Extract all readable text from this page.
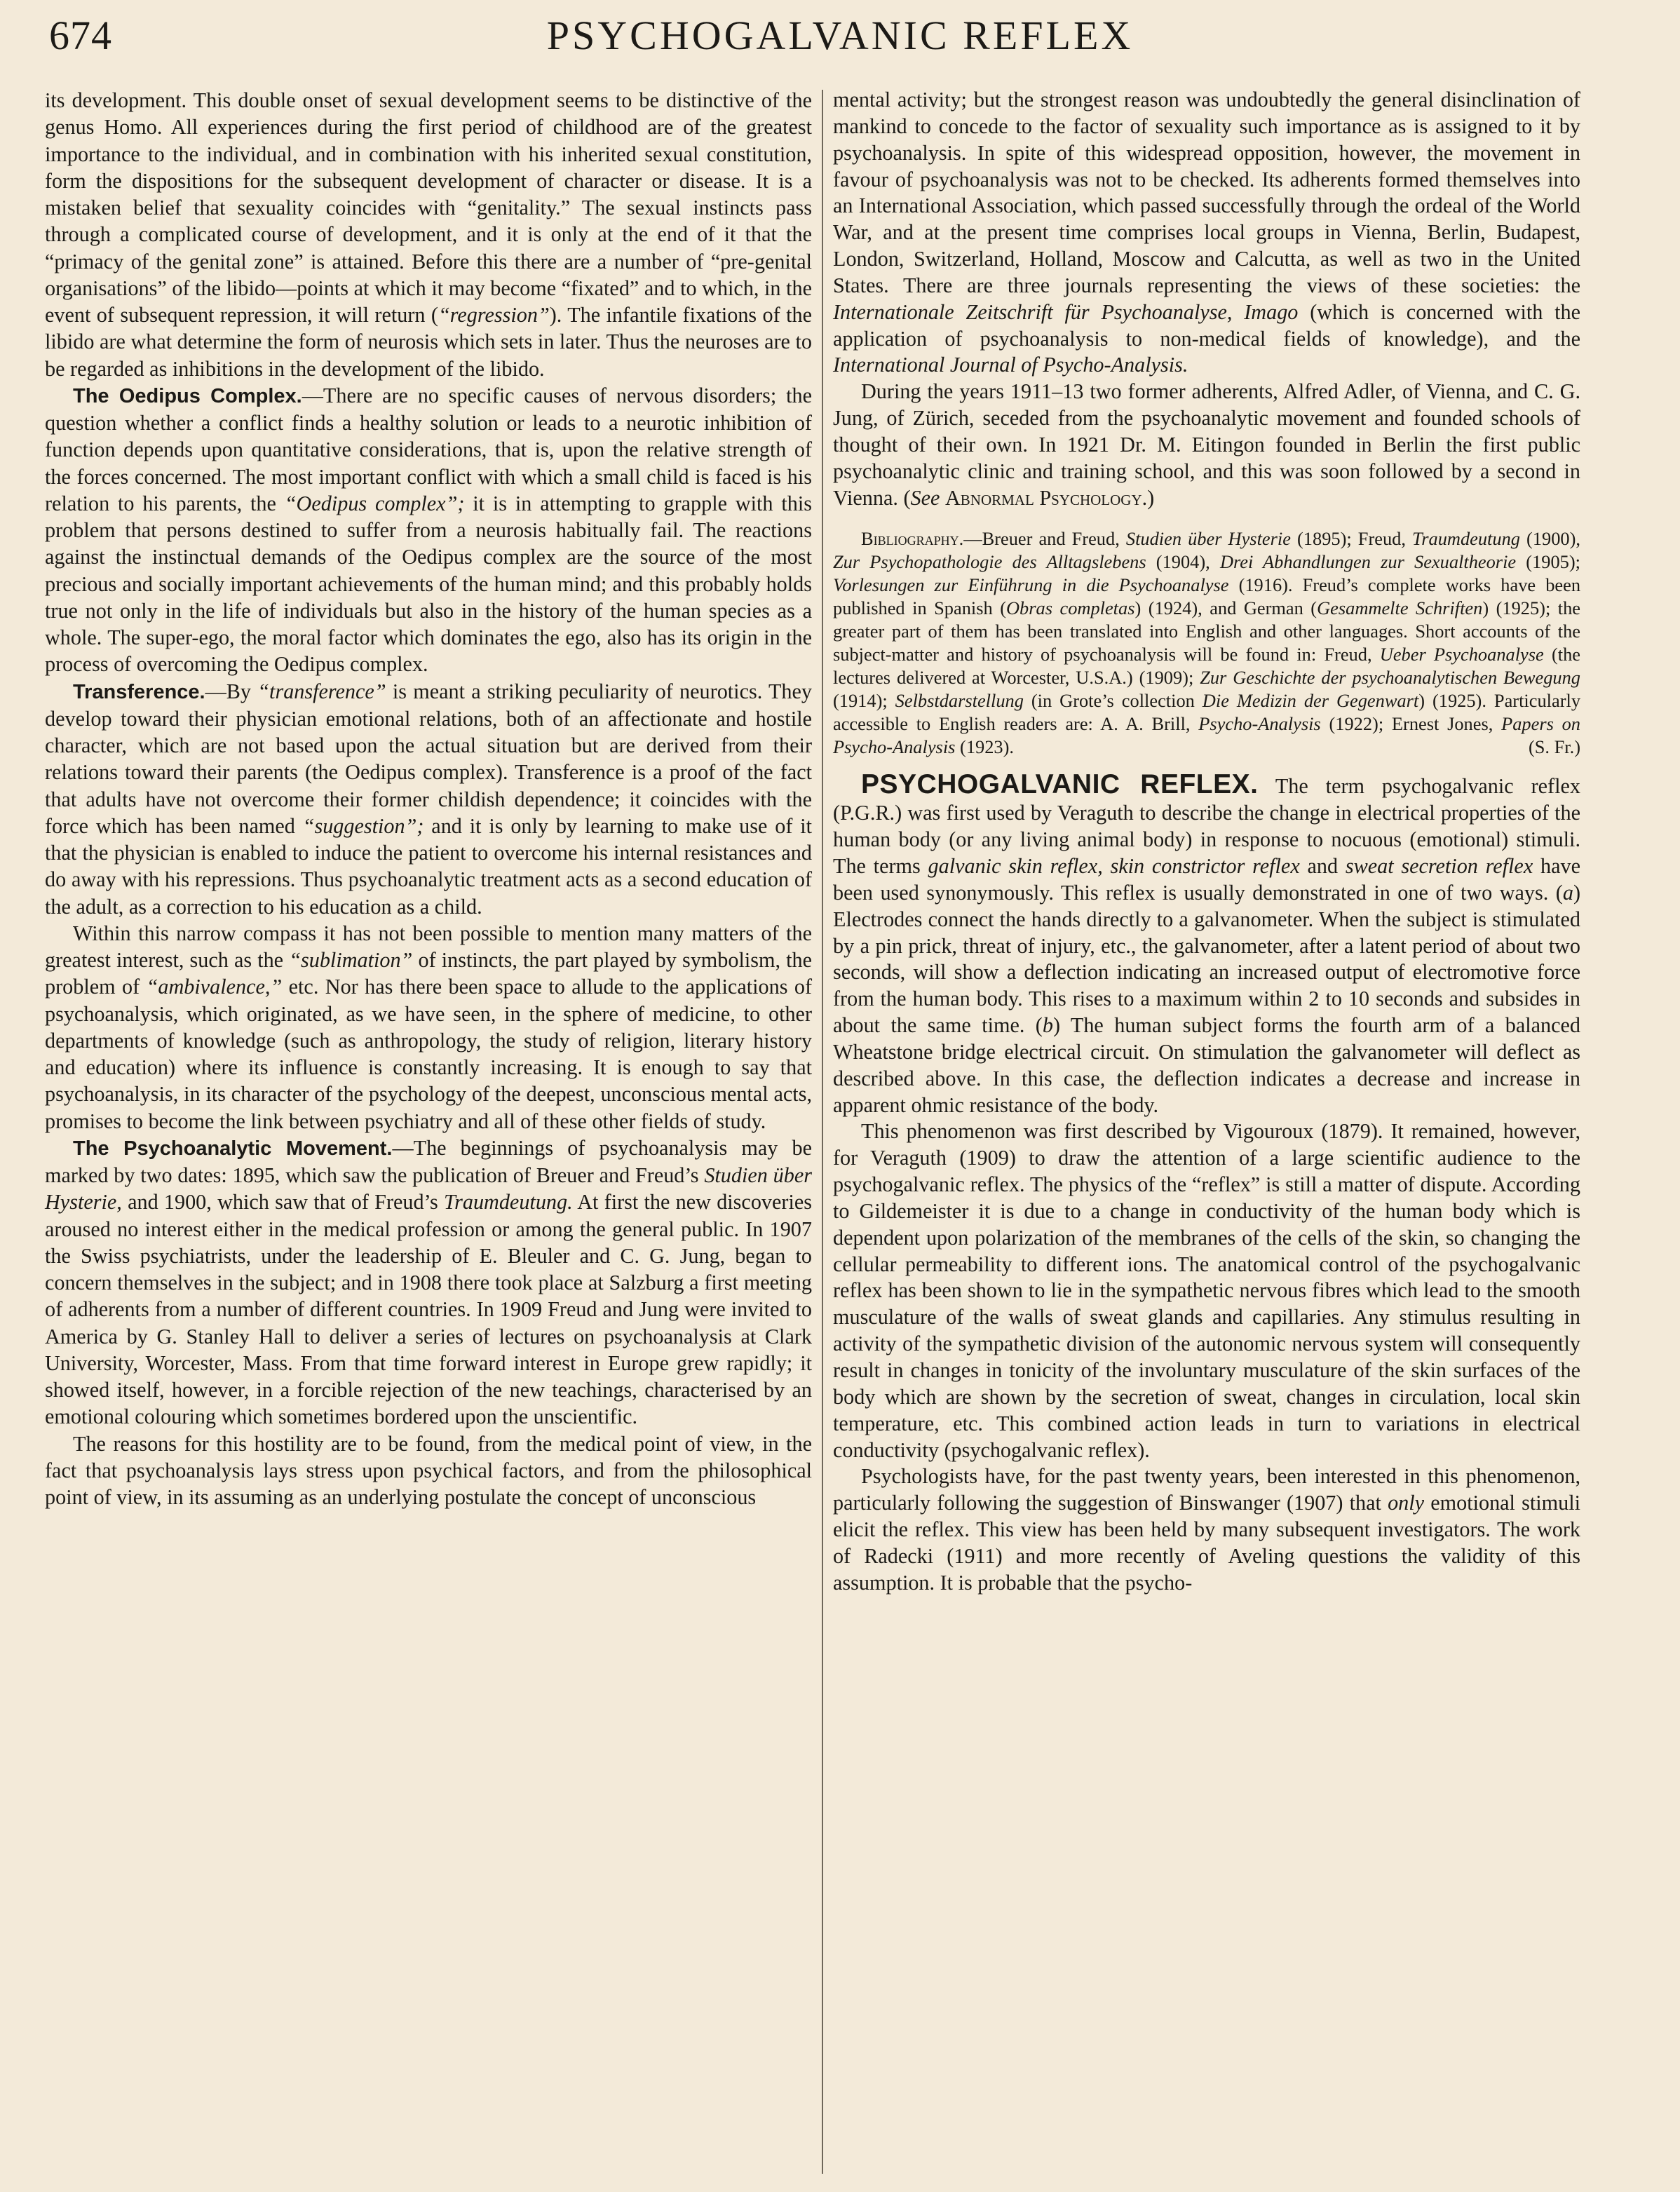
674	PSYCHOGALVANIC REFLEX

its development. This double onset of sexual development seems to be distinctive of the genus Homo. All experiences during the first period of childhood are of the greatest importance to the individual, and in combination with his inherited sexual constitution, form the dispositions for the subsequent development of character or disease. It is a mistaken belief that sexuality coincides with “genitality.” The sexual instincts pass through a complicated course of development, and it is only at the end of it that the “primacy of the genital zone” is attained. Before this there are a number of “pre-genital organisations” of the libido—points at which it may become “fixated” and to which, in the event of subsequent repression, it will return (“regression”). The infantile fixations of the libido are what determine the form of neurosis which sets in later. Thus the neuroses are to be regarded as inhibitions in the development of the libido.

The Oedipus Complex.—There are no specific causes of nervous disorders; the question whether a conflict finds a healthy solution or leads to a neurotic inhibition of function depends upon quantitative considerations, that is, upon the relative strength of the forces concerned. The most important conflict with which a small child is faced is his relation to his parents, the “Oedipus complex”; it is in attempting to grapple with this problem that persons destined to suffer from a neurosis habitually fail. The reactions against the instinctual demands of the Oedipus complex are the source of the most precious and socially important achievements of the human mind; and this probably holds true not only in the life of individuals but also in the history of the human species as a whole. The super-ego, the moral factor which dominates the ego, also has its origin in the process of overcoming the Oedipus complex.

Transference.—By “transference” is meant a striking peculiarity of neurotics. They develop toward their physician emotional relations, both of an affectionate and hostile character, which are not based upon the actual situation but are derived from their relations toward their parents (the Oedipus complex). Transference is a proof of the fact that adults have not overcome their former childish dependence; it coincides with the force which has been named “suggestion”; and it is only by learning to make use of it that the physician is enabled to induce the patient to overcome his internal resistances and do away with his repressions. Thus psychoanalytic treatment acts as a second education of the adult, as a correction to his education as a child.

Within this narrow compass it has not been possible to mention many matters of the greatest interest, such as the “sublimation” of instincts, the part played by symbolism, the problem of “ambivalence,” etc. Nor has there been space to allude to the applications of psychoanalysis, which originated, as we have seen, in the sphere of medicine, to other departments of knowledge (such as anthropology, the study of religion, literary history and education) where its influence is constantly increasing. It is enough to say that psychoanalysis, in its character of the psychology of the deepest, unconscious mental acts, promises to become the link between psychiatry and all of these other fields of study.

The Psychoanalytic Movement.—The beginnings of psychoanalysis may be marked by two dates: 1895, which saw the publication of Breuer and Freud’s Studien über Hysterie, and 1900, which saw that of Freud’s Traumdeutung. At first the new discoveries aroused no interest either in the medical profession or among the general public. In 1907 the Swiss psychiatrists, under the leadership of E. Bleuler and C. G. Jung, began to concern themselves in the subject; and in 1908 there took place at Salzburg a first meeting of adherents from a number of different countries. In 1909 Freud and Jung were invited to America by G. Stanley Hall to deliver a series of lectures on psychoanalysis at Clark University, Worcester, Mass. From that time forward interest in Europe grew rapidly; it showed itself, however, in a forcible rejection of the new teachings, characterised by an emotional colouring which sometimes bordered upon the unscientific.

The reasons for this hostility are to be found, from the medical point of view, in the fact that psychoanalysis lays stress upon psychical factors, and from the philosophical point of view, in its assuming as an underlying postulate the concept of unconscious

mental activity; but the strongest reason was undoubtedly the general disinclination of mankind to concede to the factor of sexuality such importance as is assigned to it by psychoanalysis. In spite of this widespread opposition, however, the movement in favour of psychoanalysis was not to be checked. Its adherents formed themselves into an International Association, which passed successfully through the ordeal of the World War, and at the present time comprises local groups in Vienna, Berlin, Budapest, London, Switzerland, Holland, Moscow and Calcutta, as well as two in the United States. There are three journals representing the views of these societies: the Internationale Zeitschrift für Psychoanalyse, Imago (which is concerned with the application of psychoanalysis to non-medical fields of knowledge), and the International Journal of Psycho-Analysis.

During the years 1911–13 two former adherents, Alfred Adler, of Vienna, and C. G. Jung, of Zürich, seceded from the psychoanalytic movement and founded schools of thought of their own. In 1921 Dr. M. Eitingon founded in Berlin the first public psychoanalytic clinic and training school, and this was soon followed by a second in Vienna. (See Abnormal Psychology.)

Bibliography.—Breuer and Freud, Studien über Hysterie (1895); Freud, Traumdeutung (1900), Zur Psychopathologie des Alltagslebens (1904), Drei Abhandlungen zur Sexualtheorie (1905); Vorlesungen zur Einführung in die Psychoanalyse (1916). Freud’s complete works have been published in Spanish (Obras completas) (1924), and German (Gesammelte Schriften) (1925); the greater part of them has been translated into English and other languages. Short accounts of the subject-matter and history of psychoanalysis will be found in: Freud, Ueber Psychoanalyse (the lectures delivered at Worcester, U.S.A.) (1909); Zur Geschichte der psychoanalytischen Bewegung (1914); Selbstdarstellung (in Grote’s collection Die Medizin der Gegenwart) (1925). Particularly accessible to English readers are: A. A. Brill, Psycho-Analysis (1922); Ernest Jones, Papers on Psycho-Analysis (1923).	(S. Fr.)

PSYCHOGALVANIC REFLEX. The term psychogalvanic reflex (P.G.R.) was first used by Veraguth to describe the change in electrical properties of the human body (or any living animal body) in response to nocuous (emotional) stimuli. The terms galvanic skin reflex, skin constrictor reflex and sweat secretion reflex have been used synonymously. This reflex is usually demonstrated in one of two ways. (a) Electrodes connect the hands directly to a galvanometer. When the subject is stimulated by a pin prick, threat of injury, etc., the galvanometer, after a latent period of about two seconds, will show a deflection indicating an increased output of electromotive force from the human body. This rises to a maximum within 2 to 10 seconds and subsides in about the same time. (b) The human subject forms the fourth arm of a balanced Wheatstone bridge electrical circuit. On stimulation the galvanometer will deflect as described above. In this case, the deflection indicates a decrease and increase in apparent ohmic resistance of the body.

This phenomenon was first described by Vigouroux (1879). It remained, however, for Veraguth (1909) to draw the attention of a large scientific audience to the psychogalvanic reflex. The physics of the “reflex” is still a matter of dispute. According to Gildemeister it is due to a change in conductivity of the human body which is dependent upon polarization of the membranes of the cells of the skin, so changing the cellular permeability to different ions. The anatomical control of the psychogalvanic reflex has been shown to lie in the sympathetic nervous fibres which lead to the smooth musculature of the walls of sweat glands and capillaries. Any stimulus resulting in activity of the sympathetic division of the autonomic nervous system will consequently result in changes in tonicity of the involuntary musculature of the skin surfaces of the body which are shown by the secretion of sweat, changes in circulation, local skin temperature, etc. This combined action leads in turn to variations in electrical conductivity (psychogalvanic reflex).

Psychologists have, for the past twenty years, been interested in this phenomenon, particularly following the suggestion of Binswanger (1907) that only emotional stimuli elicit the reflex. This view has been held by many subsequent investigators. The work of Radecki (1911) and more recently of Aveling questions the validity of this assumption. It is probable that the psycho-
